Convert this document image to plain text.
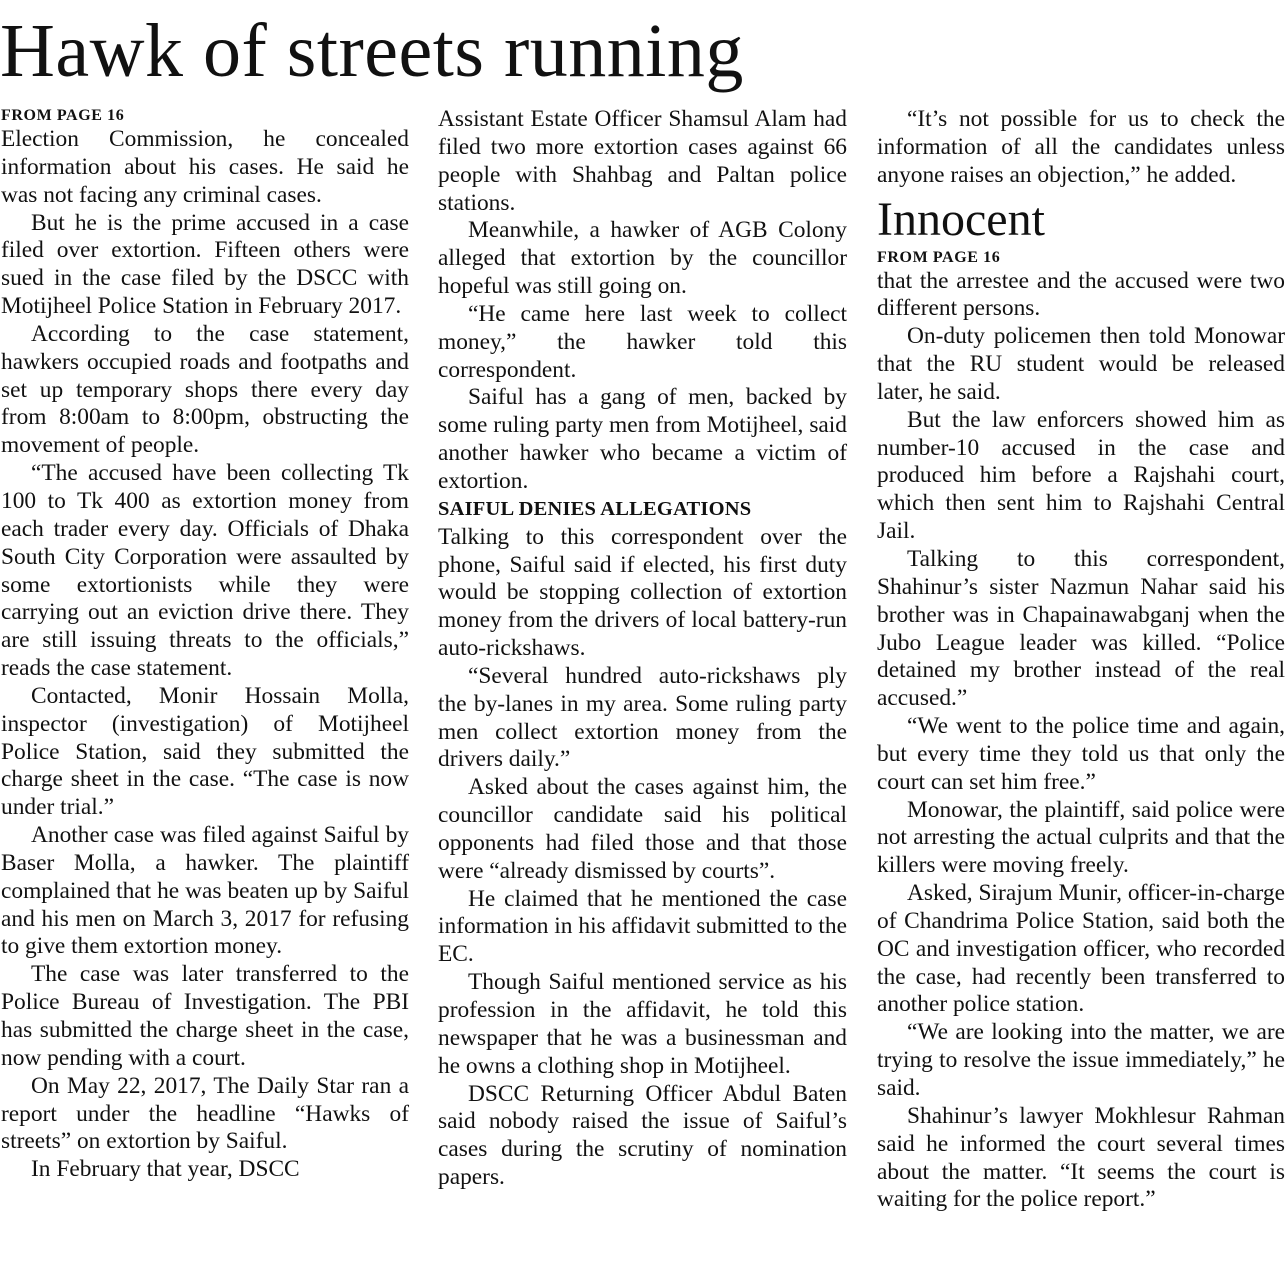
Hawk of streets running
FROM PAGE 16

Election Commission, he concealed information about his cases. He said he was not facing any criminal cases.

But he is the prime accused in a case filed over extortion. Fifteen others were sued in the case filed by the DSCC with Motijheel Police Station in February 2017.

According to the case statement, hawkers occupied roads and footpaths and set up temporary shops there every day from 8:00am to 8:00pm, obstructing the movement of people.

“The accused have been collecting Tk 100 to Tk 400 as extortion money from each trader every day. Officials of Dhaka South City Corporation were assaulted by some extortionists while they were carrying out an eviction drive there. They are still issuing threats to the officials,” reads the case statement.

Contacted, Monir Hossain Molla, inspector (investigation) of Motijheel Police Station, said they submitted the charge sheet in the case. “The case is now under trial.”

Another case was filed against Saiful by Baser Molla, a hawker. The plaintiff complained that he was beaten up by Saiful and his men on March 3, 2017 for refusing to give them extortion money.

The case was later transferred to the Police Bureau of Investigation. The PBI has submitted the charge sheet in the case, now pending with a court.

On May 22, 2017, The Daily Star ran a report under the headline “Hawks of streets” on extortion by Saiful.

In February that year, DSCC

Assistant Estate Officer Shamsul Alam had filed two more extortion cases against 66 people with Shahbag and Paltan police stations.

Meanwhile, a hawker of AGB Colony alleged that extortion by the councillor hopeful was still going on.

“He came here last week to collect money,” the hawker told this correspondent.

Saiful has a gang of men, backed by some ruling party men from Motijheel, said another hawker who became a victim of extortion.

SAIFUL DENIES ALLEGATIONS

Talking to this correspondent over the phone, Saiful said if elected, his first duty would be stopping collection of extortion money from the drivers of local battery-run auto-rickshaws.

“Several hundred auto-rickshaws ply the by-lanes in my area. Some ruling party men collect extortion money from the drivers daily.”

Asked about the cases against him, the councillor candidate said his political opponents had filed those and that those were “already dismissed by courts”.

He claimed that he mentioned the case information in his affidavit submitted to the EC.

Though Saiful mentioned service as his profession in the affidavit, he told this newspaper that he was a businessman and he owns a clothing shop in Motijheel.

DSCC Returning Officer Abdul Baten said nobody raised the issue of Saiful’s cases during the scrutiny of nomination papers.

“It’s not possible for us to check the information of all the candidates unless anyone raises an objection,” he added.

Innocent
FROM PAGE 16

that the arrestee and the accused were two different persons.

On-duty policemen then told Monowar that the RU student would be released later, he said.

But the law enforcers showed him as number-10 accused in the case and produced him before a Rajshahi court, which then sent him to Rajshahi Central Jail.

Talking to this correspondent, Shahinur’s sister Nazmun Nahar said his brother was in Chapainawabganj when the Jubo League leader was killed. “Police detained my brother instead of the real accused.”

“We went to the police time and again, but every time they told us that only the court can set him free.”

Monowar, the plaintiff, said police were not arresting the actual culprits and that the killers were moving freely.

Asked, Sirajum Munir, officer-in-charge of Chandrima Police Station, said both the OC and investigation officer, who recorded the case, had recently been transferred to another police station.

“We are looking into the matter, we are trying to resolve the issue immediately,” he said.

Shahinur’s lawyer Mokhlesur Rahman said he informed the court several times about the matter. “It seems the court is waiting for the police report.”
